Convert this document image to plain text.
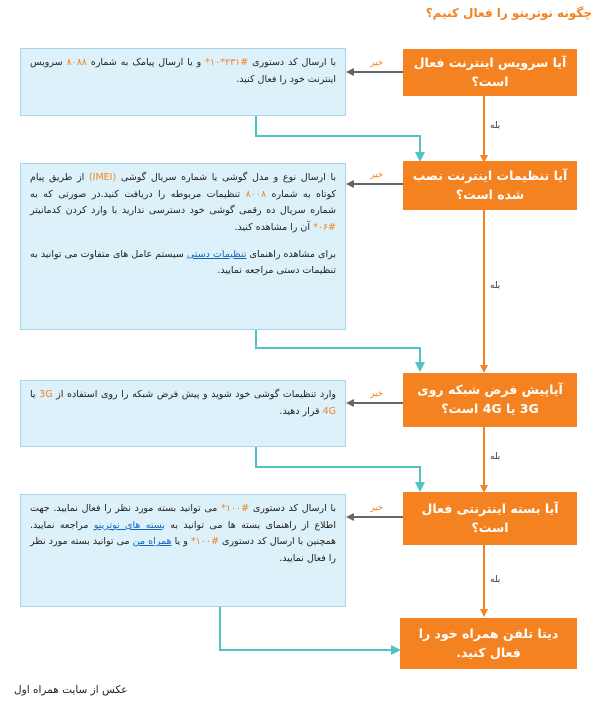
چگونه نوترینو را فعال کنیم؟
آیا سرویس اینترنت فعال است؟
آیا تنظیمات اینترنت نصب شده است؟
آیاپیش فرض شبکه روی 3G یا 4G است؟
آیا بسته اینترنتی فعال است؟
دیتا تلفن همراه خود را فعال کنید.
خیر
خیر
خیر
خیر
بله
بله
بله
بله

با ارسال کد دستوری #۲۳۱*۱۰* و یا ارسال پیامک به شماره ۸۰۸۸ سرویس اینترنت خود را فعال کنید.

با ارسال نوع و مدل گوشی یا شماره سریال گوشی (IMEI) از طریق پیام کوتاه به شماره ۸۰۰۸ تنظیمات مربوطه را دریافت کنید.در صورتی که به شماره سریال ده رقمی گوشی خود دسترسی ندارید با وارد کردن کدمانیتر #۰۶* آن را مشاهده کنید.

برای مشاهده راهنمای تنظیمات دستی سیستم عامل های متفاوت می توانید به تنظیمات دستی مراجعه نمایید.

وارد تنظیمات گوشی خود شوید و پیش فرض شبکه را روی استفاده از 3G یا 4G قرار دهید.

با ارسال کد دستوری #۱۰۰* می توانید بسته مورد نظر را فعال نمایید. جهت اطلاع از راهنمای بسته ها می توانید به بسته های نوترینو مراجعه نمایید. همچنین با ارسال کد دستوری #۱۰۰* و یا همراه من می توانید بسته مورد نظر را فعال نمایید.

عکس از سایت همراه اول
